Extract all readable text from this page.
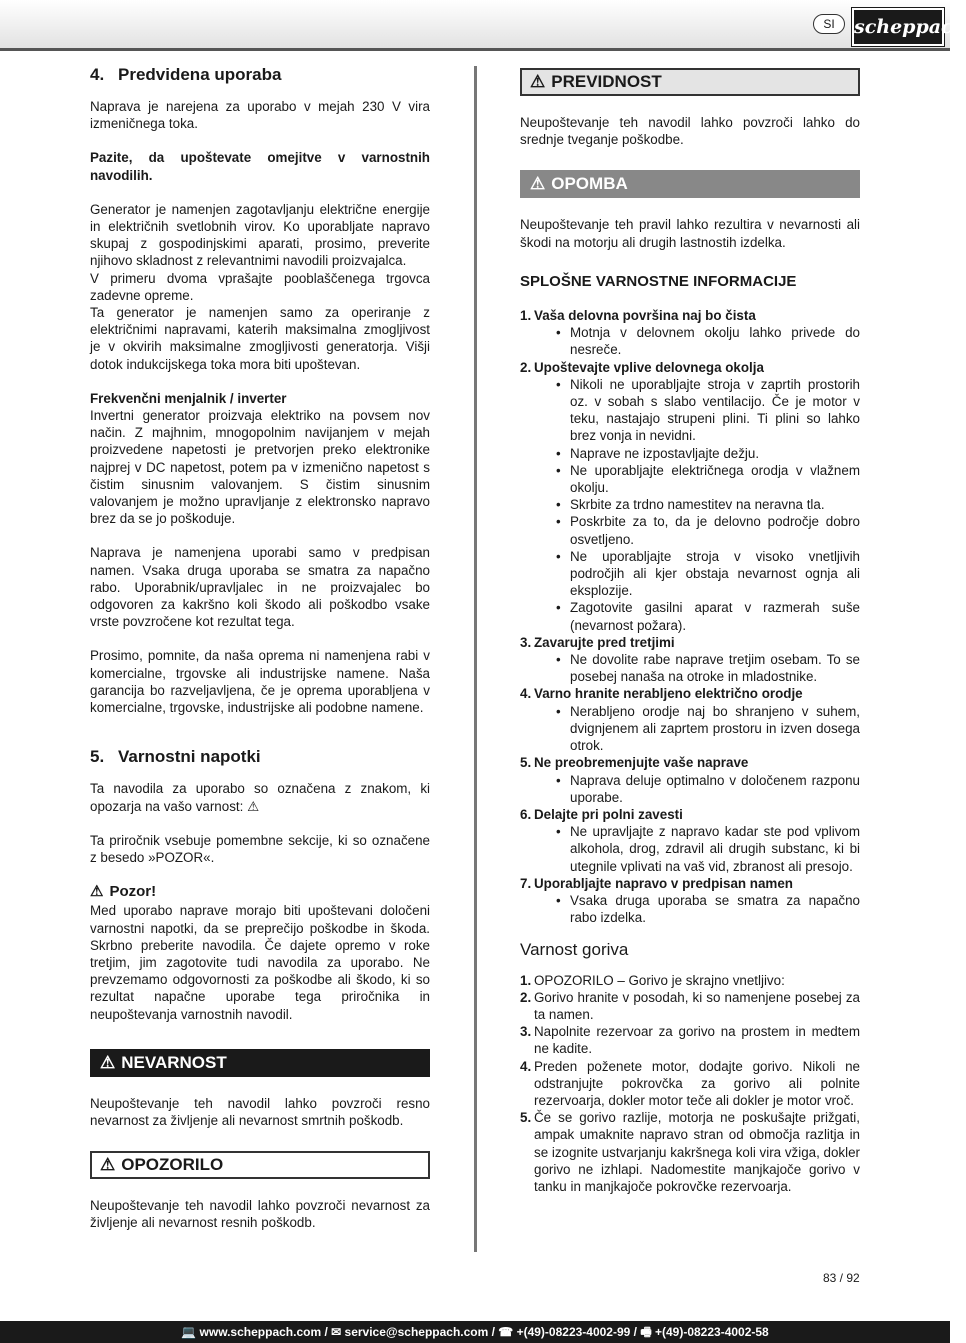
SI	scheppach
4. Predvidena uporaba

Naprava je narejena za uporabo v mejah 230 V vira izmeničnega toka.

Pazite, da upoštevate omejitve v varnostnih navodilih.

Generator je namenjen zagotavljanju električne energije in električnih svetlobnih virov. Ko uporabljate napravo skupaj z gospodinjskimi aparati, prosimo, preverite njihovo skladnost z relevantnimi navodili proizvajalca.

V primeru dvoma vprašajte pooblaščenega trgovca zadevne opreme.

Ta generator je namenjen samo za operiranje z električnimi napravami, katerih maksimalna zmogljivost je v okvirih maksimalne zmogljivosti generatorja. Višji dotok indukcijskega toka mora biti upoštevan.

Frekvenčni menjalnik / inverter

Invertni generator proizvaja elektriko na povsem nov način. Z majhnim, mnogopolnim navijanjem v mejah proizvedene napetosti je pretvorjen preko elektronike najprej v DC napetost, potem pa v izmenično napetost s čistim sinusnim valovanjem. S čistim sinusnim valovanjem je možno upravljanje z elektronsko napravo brez da se jo poškoduje.

Naprava je namenjena uporabi samo v predpisan namen. Vsaka druga uporaba se smatra za napačno rabo. Uporabnik/upravljalec in ne proizvajalec bo odgovoren za kakršno koli škodo ali poškodbo vsake vrste povzročene kot rezultat tega.

Prosimo, pomnite, da naša oprema ni namenjena rabi v komercialne, trgovske ali industrijske namene. Naša garancija bo razveljavljena, če je oprema uporabljena v komercialne, trgovske, industrijske ali podobne namene.

5. Varnostni napotki

Ta navodila za uporabo so označena z znakom, ki opozarja na vašo varnost: ⚠

Ta priročnik vsebuje pomembne sekcije, ki so označene z besedo »POZOR«.

⚠ Pozor!

Med uporabo naprave morajo biti upoštevani določeni varnostni napotki, da se preprečijo poškodbe in škoda. Skrbno preberite navodila. Če dajete opremo v roke tretjim, jim zagotovite tudi navodila za uporabo. Ne prevzemamo odgovornosti za poškodbe ali škodo, ki so rezultat napačne uporabe tega priročnika in neupoštevanja varnostnih navodil.

⚠ NEVARNOST

Neupoštevanje teh navodil lahko povzroči resno nevarnost za življenje ali nevarnost smrtnih poškodb.

⚠ OPOZORILO

Neupoštevanje teh navodil lahko povzroči nevarnost za življenje ali nevarnost resnih poškodb.

⚠ PREVIDNOST

Neupoštevanje teh navodil lahko povzroči lahko do srednje tveganje poškodbe.

⚠ OPOMBA

Neupoštevanje teh pravil lahko rezultira v nevarnosti ali škodi na motorju ali drugih lastnostih izdelka.

SPLOŠNE VARNOSTNE INFORMACIJE
1. Vaša delovna površina naj bo čista
• Motnja v delovnem okolju lahko privede do nesreče.
2. Upoštevajte vplive delovnega okolja
• Nikoli ne uporabljajte stroja v zaprtih prostorih oz. v sobah s slabo ventilacijo. Če je motor v teku, nastajajo strupeni plini. Ti plini so lahko brez vonja in nevidni.
• Naprave ne izpostavljajte dežju.
• Ne uporabljajte električnega orodja v vlažnem okolju.
• Skrbite za trdno namestitev na neravna tla.
• Poskrbite za to, da je delovno področje dobro osvetljeno.
• Ne uporabljajte stroja v visoko vnetljivih področjih ali kjer obstaja nevarnost ognja ali eksplozije.
• Zagotovite gasilni aparat v razmerah suše (nevarnost požara).
3. Zavarujte pred tretjimi
• Ne dovolite rabe naprave tretjim osebam. To se posebej nanaša na otroke in mladostnike.
4. Varno hranite nerabljeno električno orodje
• Nerabljeno orodje naj bo shranjeno v suhem, dvignjenem ali zaprtem prostoru in izven dosega otrok.
5. Ne preobremenjujte vaše naprave
• Naprava deluje optimalno v določenem razponu uporabe.
6. Delajte pri polni zavesti
• Ne upravljajte z napravo kadar ste pod vplivom alkohola, drog, zdravil ali drugih substanc, ki bi utegnile vplivati na vaš vid, zbranost ali presojo.
7. Uporabljajte napravo v predpisan namen
• Vsaka druga uporaba se smatra za napačno rabo izdelka.
Varnost goriva
1. OPOZORILO – Gorivo je skrajno vnetljivo:
2. Gorivo hranite v posodah, ki so namenjene posebej za ta namen.
3. Napolnite rezervoar za gorivo na prostem in medtem ne kadite.
4. Preden poženete motor, dodajte gorivo. Nikoli ne odstranjujte pokrovčka za gorivo ali polnite rezervoarja, dokler motor teče ali dokler je motor vroč.
5. Če se gorivo razlije, motorja ne poskušajte prižgati, ampak umaknite napravo stran od območja razlitja in se izognite ustvarjanju kakršnega koli vira vžiga, dokler gorivo ne izhlapi. Nadomestite manjkajoče gorivo v tanku in manjkajoče pokrovčke rezervoarja.
83 / 92
💻 www.scheppach.com / ✉ service@scheppach.com / ☎ +(49)-08223-4002-99 / 🖷 +(49)-08223-4002-58
